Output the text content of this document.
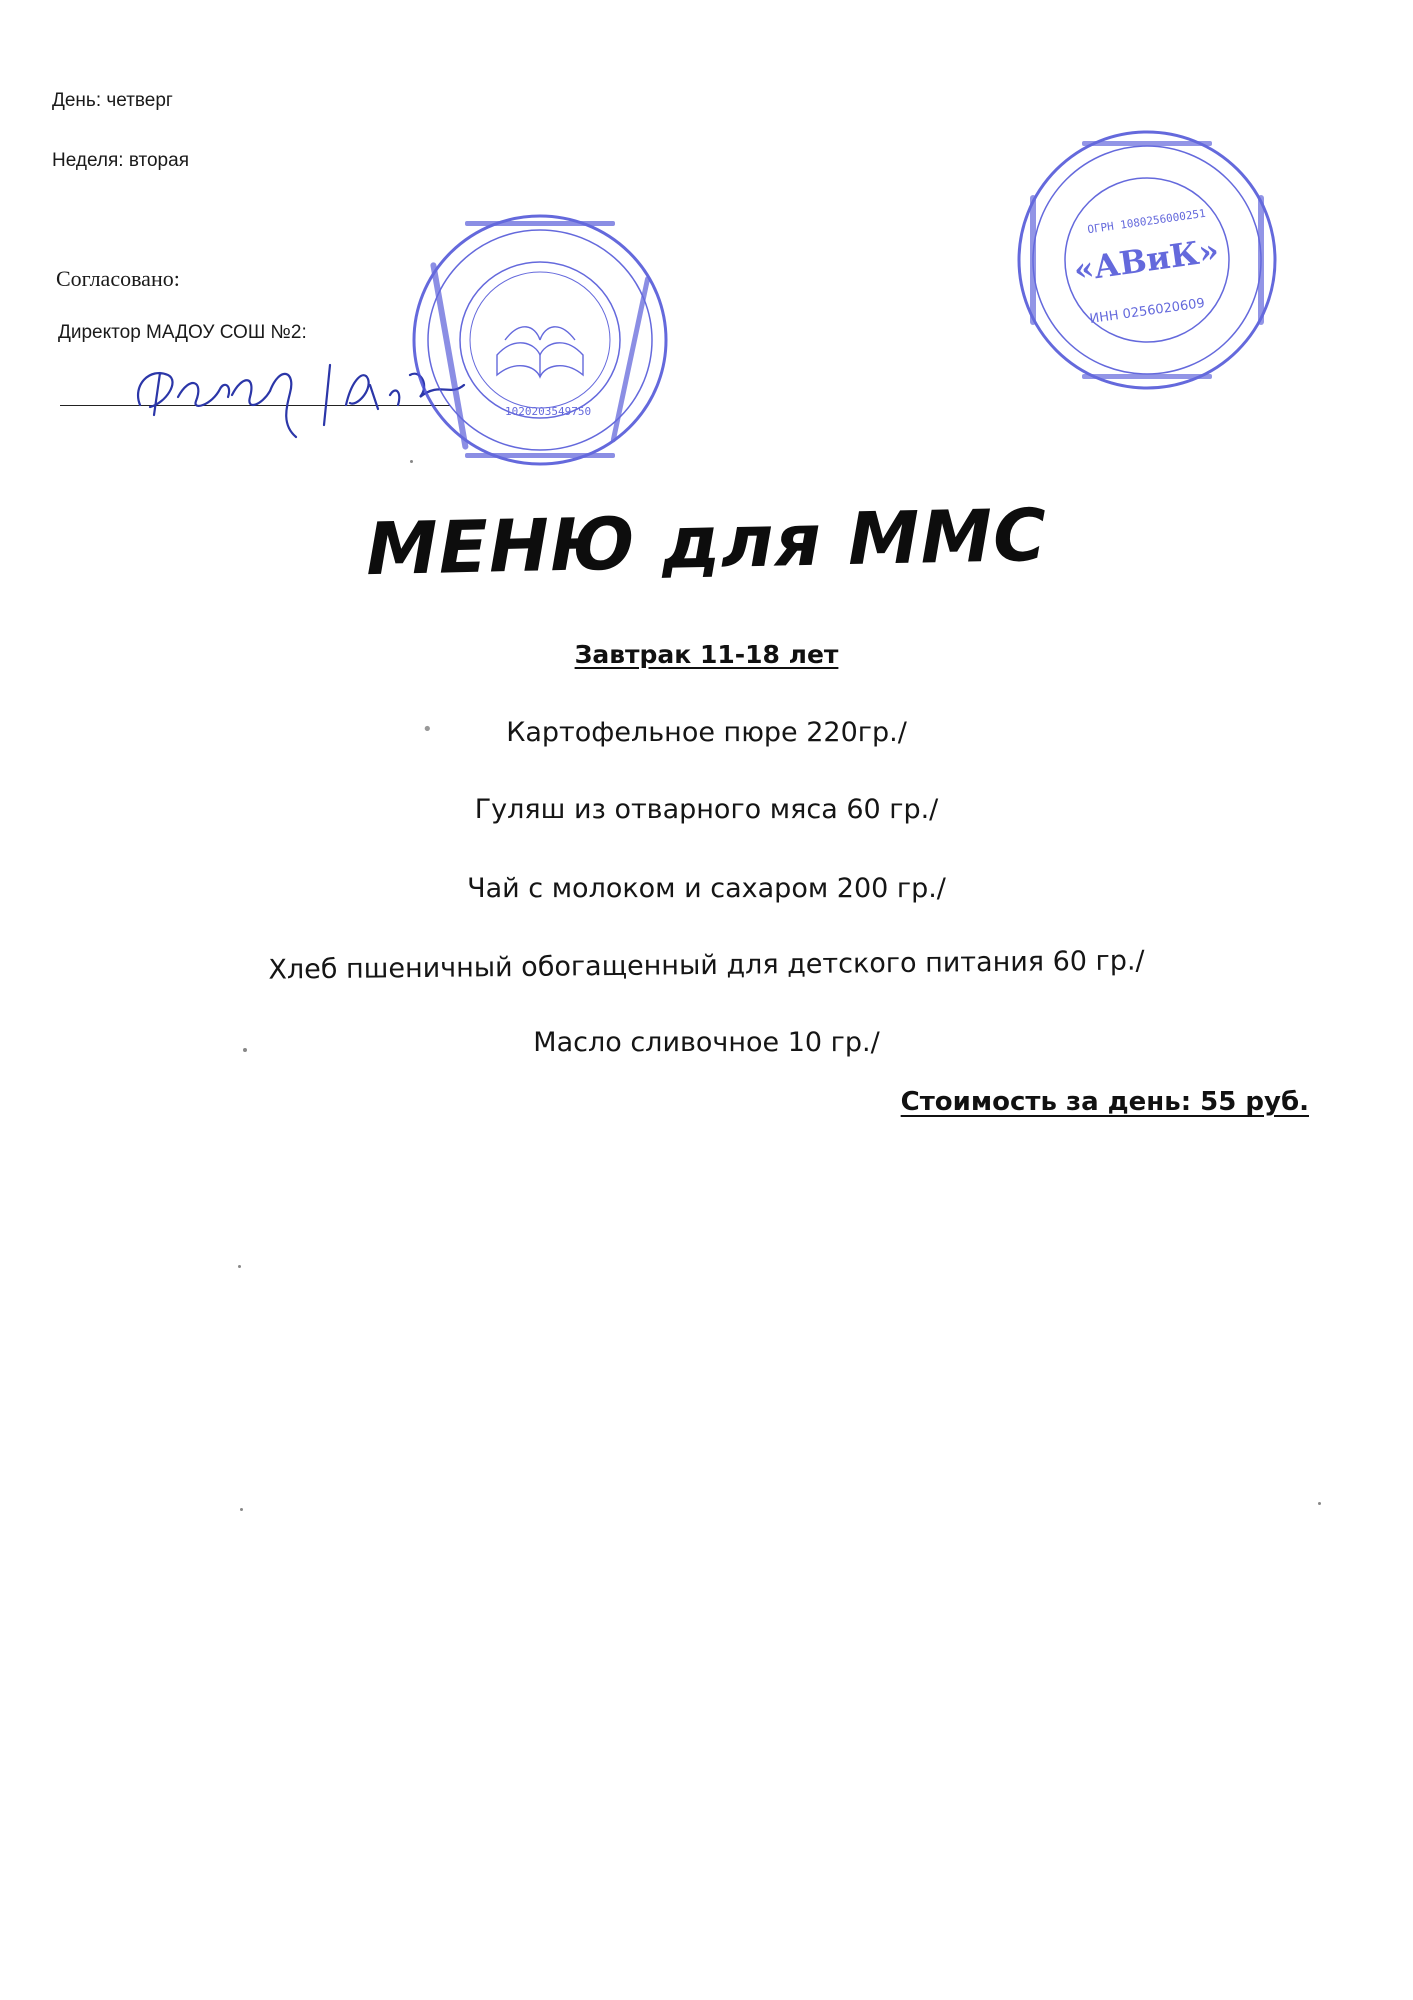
День: четверг
Неделя: вторая
Согласовано:
Директор МАДОУ СОШ №2:
1020203549750
ОГРН 1080256000251
«АВиК»
ИНН 0256020609
МЕНЮ для ММС
Завтрак 11-18 лет
•	Картофельное пюре 220гр./
Гуляш из отварного мяса 60 гр./
Чай с молоком и сахаром 200 гр./
Хлеб пшеничный обогащенный для детского питания 60 гр./
Масло сливочное 10 гр./
Стоимость за день: 55 руб.
